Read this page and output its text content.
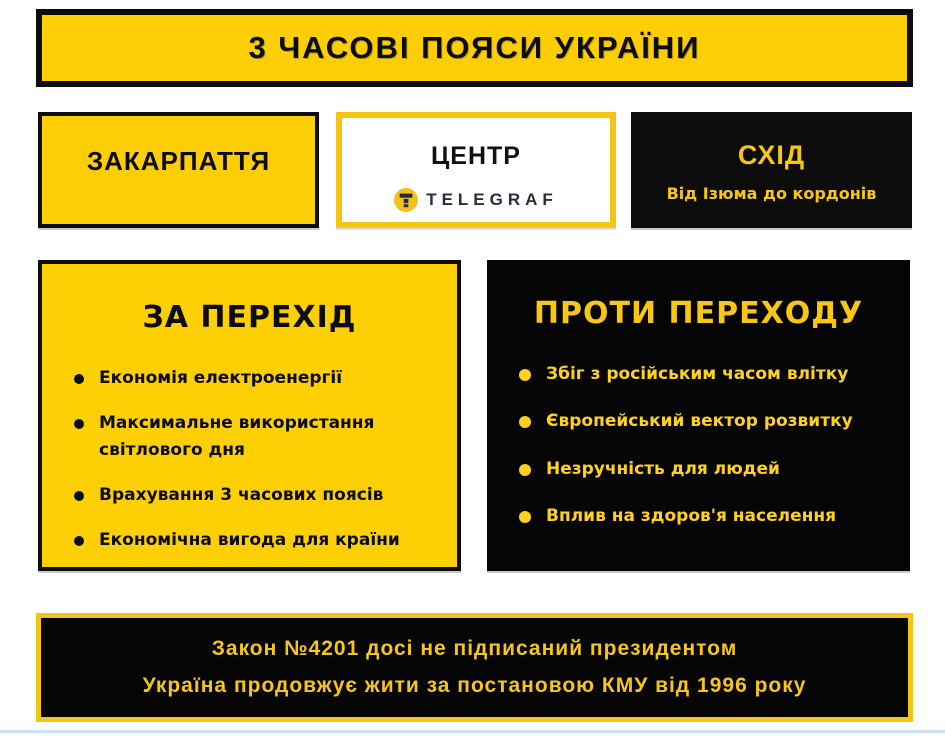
3 ЧАСОВІ ПОЯСИ УКРАЇНИ
ЗАКАРПАТТЯ	ЦЕНТР
TELEGRAF
СХІД
Від Ізюма до кордонів
ЗА ПЕРЕХІД
Економія електроенергії
Максимальне використання світлового дня
Врахування 3 часових поясів
Економічна вигода для країни
ПРОТИ ПЕРЕХОДУ
Збіг з російським часом влітку
Європейський вектор розвитку
Незручність для людей
Вплив на здоров'я населення
Закон №4201 досі не підписаний президентом
Україна продовжує жити за постановою КМУ від 1996 року
